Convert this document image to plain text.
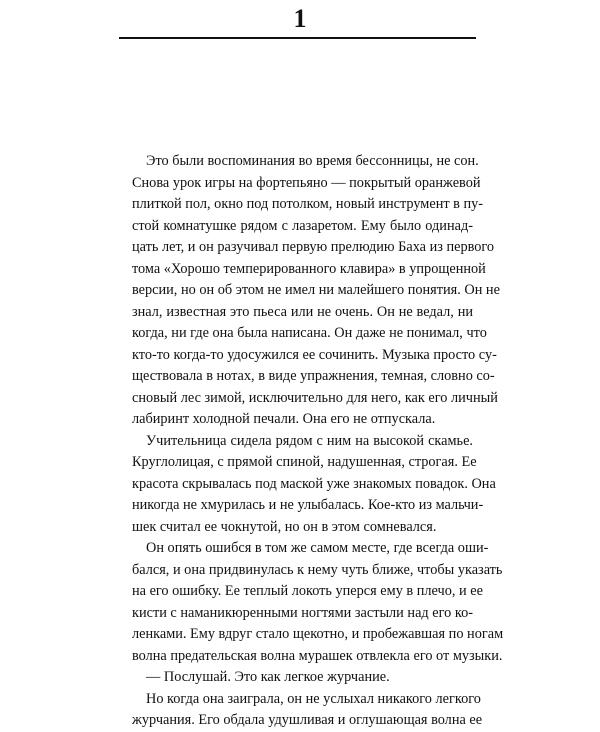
1
Это были воспоминания во время бессонницы, не сон.
Снова урок игры на фортепьяно — покрытый оранжевой
плиткой пол, окно под потолком, новый инструмент в пу-
стой комнатушке рядом с лазаретом. Ему было одинад-
цать лет, и он разучивал первую прелюдию Баха из первого
тома «Хорошо темперированного клавира» в упрощенной
версии, но он об этом не имел ни малейшего понятия. Он не
знал, известная это пьеса или не очень. Он не ведал, ни
когда, ни где она была написана. Он даже не понимал, что
кто-то когда-то удосужился ее сочинить. Музыка просто су-
ществовала в нотах, в виде упражнения, темная, словно со-
сновый лес зимой, исключительно для него, как его личный
лабиринт холодной печали. Она его не отпускала.
Учительница сидела рядом с ним на высокой скамье.
Круглолицая, с прямой спиной, надушенная, строгая. Ее
красота скрывалась под маской уже знакомых повадок. Она
никогда не хмурилась и не улыбалась. Кое-кто из мальчи-
шек считал ее чокнутой, но он в этом сомневался.
Он опять ошибся в том же самом месте, где всегда оши-
бался, и она придвинулась к нему чуть ближе, чтобы указать
на его ошибку. Ее теплый локоть уперся ему в плечо, и ее
кисти с наманикюренными ногтями застыли над его ко-
ленками. Ему вдруг стало щекотно, и пробежавшая по ногам
волна предательская волна мурашек отвлекла его от музыки.
— Послушай. Это как легкое журчание.
Но когда она заиграла, он не услыхал никакого легкого
журчания. Его обдала удушливая и оглушающая волна ее
